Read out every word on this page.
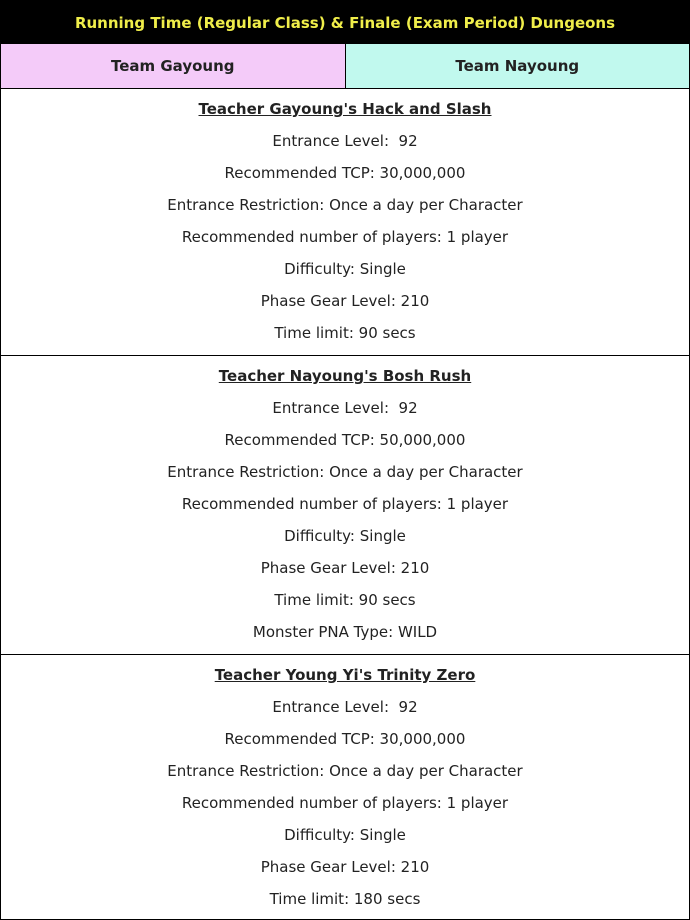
Running Time (Regular Class) & Finale (Exam Period) Dungeons
Team Gayoung	Team Nayoung
Teacher Gayoung's Hack and Slash
Entrance Level:  92
Recommended TCP: 30,000,000
Entrance Restriction: Once a day per Character
Recommended number of players: 1 player
Difficulty: Single
Phase Gear Level: 210
Time limit: 90 secs
Teacher Nayoung's Bosh Rush
Entrance Level:  92
Recommended TCP: 50,000,000
Entrance Restriction: Once a day per Character
Recommended number of players: 1 player
Difficulty: Single
Phase Gear Level: 210
Time limit: 90 secs
Monster PNA Type: WILD
Teacher Young Yi's Trinity Zero
Entrance Level:  92
Recommended TCP: 30,000,000
Entrance Restriction: Once a day per Character
Recommended number of players: 1 player
Difficulty: Single
Phase Gear Level: 210
Time limit: 180 secs
